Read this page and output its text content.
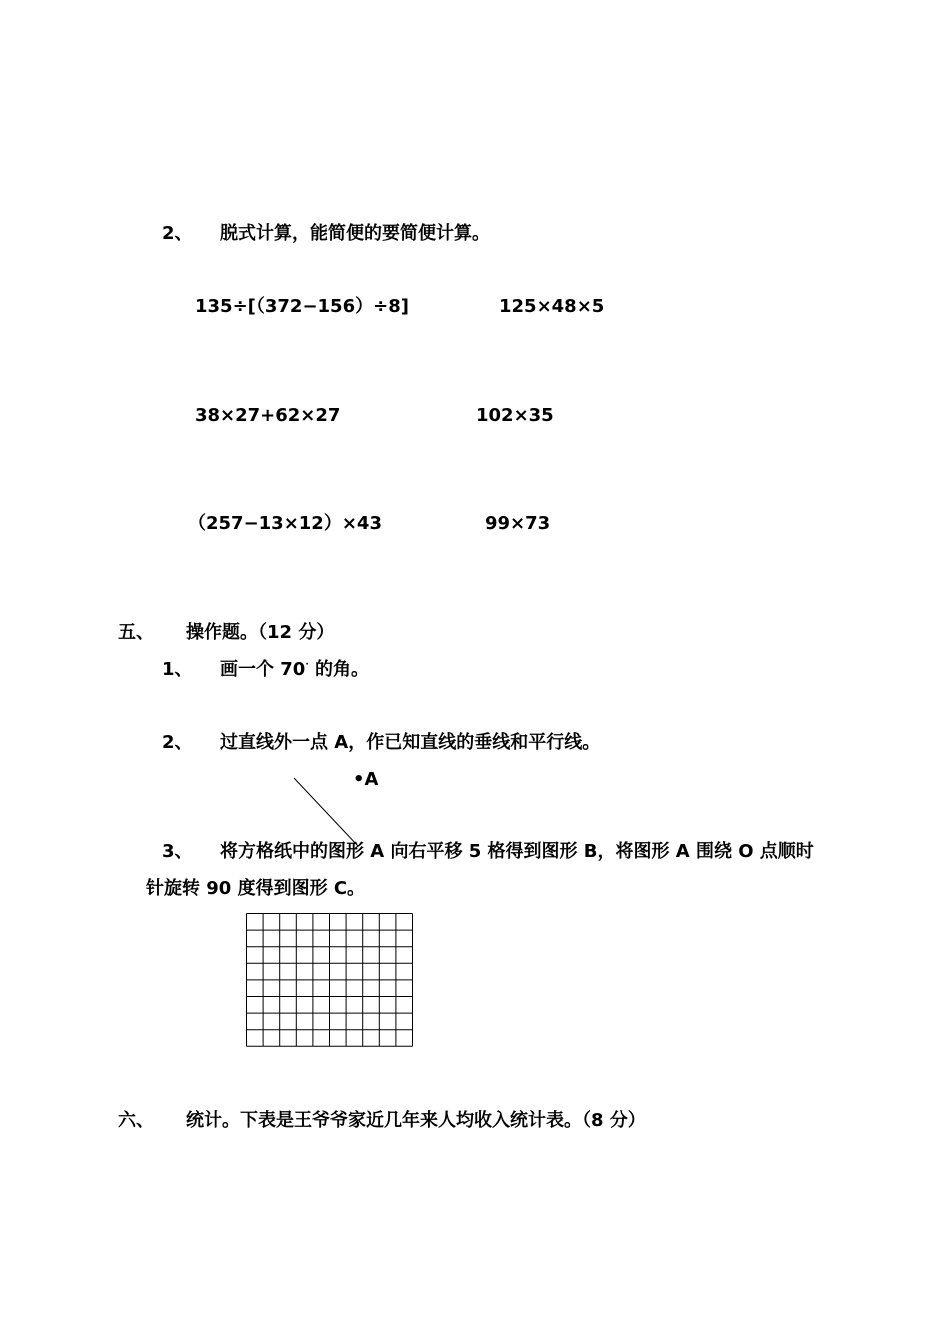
2、 脱式计算，能简便的要简便计算。
135÷[（372−156）÷8]	125×48×5
38×27+62×27	102×35
（257−13×12）×43	99×73
五、 操作题。（12 分）
1、 画一个 70· 的角。
2、 过直线外一点 A，作已知直线的垂线和平行线。
•A
3、 将方格纸中的图形 A 向右平移 5 格得到图形 B，将图形 A 围绕 O 点顺时
针旋转 90 度得到图形 C。
六、 统计。下表是王爷爷家近几年来人均收入统计表。（8 分）
